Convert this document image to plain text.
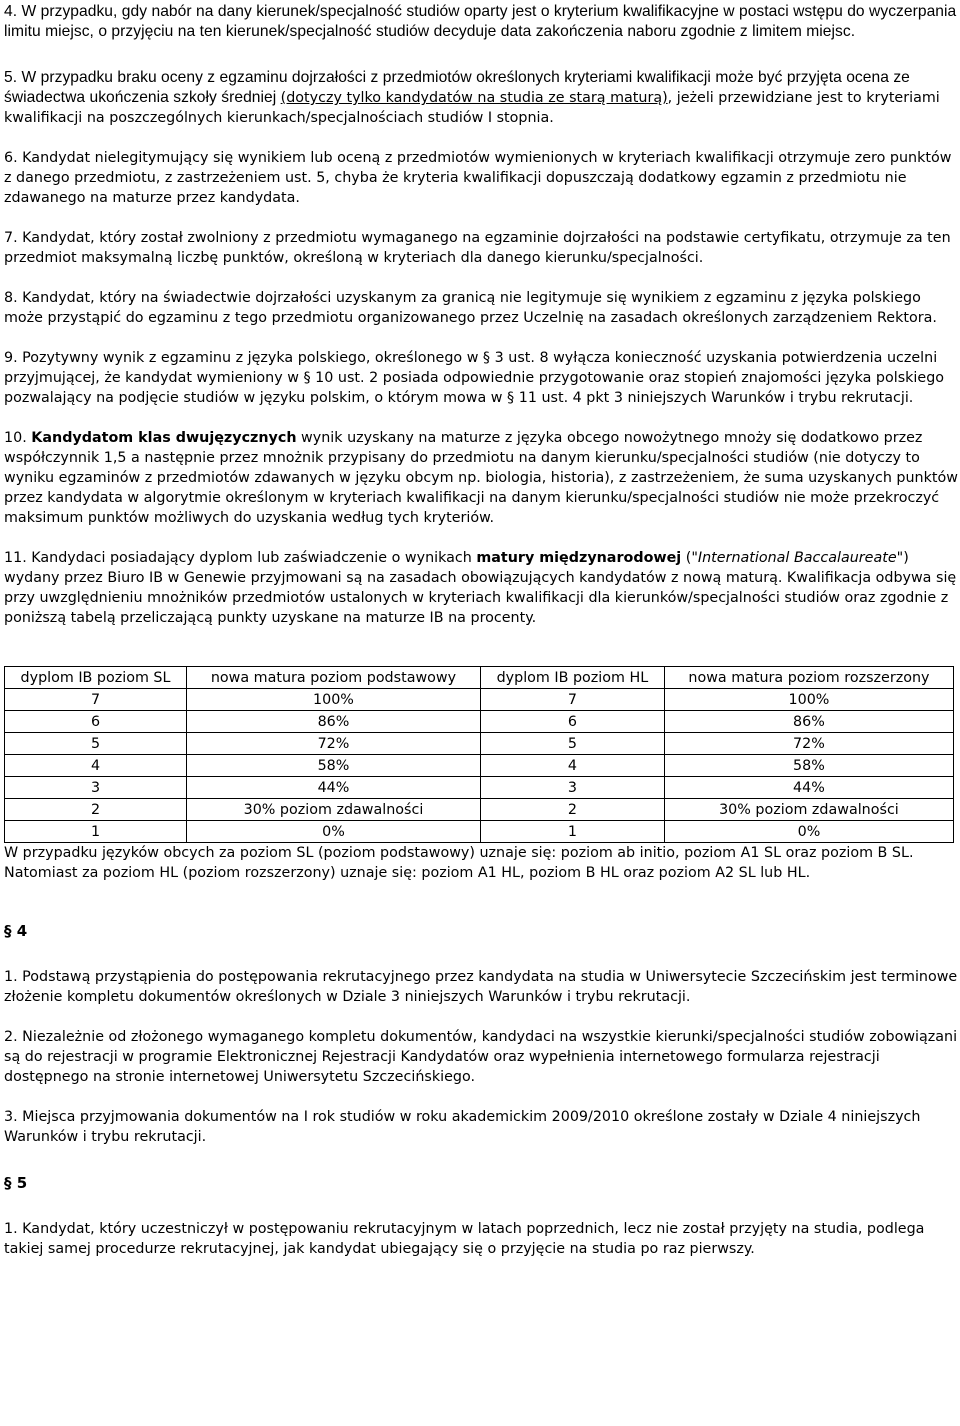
4. W przypadku, gdy nabór na dany kierunek/specjalność studiów oparty jest o kryterium kwalifikacyjne w postaci wstępu do wyczerpania limitu miejsc, o przyjęciu na ten kierunek/specjalność studiów decyduje data zakończenia naboru zgodnie z limitem miejsc.

5. W przypadku braku oceny z egzaminu dojrzałości z przedmiotów określonych kryteriami kwalifikacji może być przyjęta ocena ze świadectwa ukończenia szkoły średniej (dotyczy tylko kandydatów na studia ze starą maturą), jeżeli przewidziane jest to kryteriami kwalifikacji na poszczególnych kierunkach/specjalnościach studiów I stopnia.

6. Kandydat nielegitymujący się wynikiem lub oceną z przedmiotów wymienionych w kryteriach kwalifikacji otrzymuje zero punktów z danego przedmiotu, z zastrzeżeniem ust. 5, chyba że kryteria kwalifikacji dopuszczają dodatkowy egzamin z przedmiotu nie zdawanego na maturze przez kandydata.

7. Kandydat, który został zwolniony z przedmiotu wymaganego na egzaminie dojrzałości na podstawie certyfikatu, otrzymuje za ten przedmiot maksymalną liczbę punktów, określoną w kryteriach dla danego kierunku/specjalności.

8. Kandydat, który na świadectwie dojrzałości uzyskanym za granicą nie legitymuje się wynikiem z egzaminu z języka polskiego może przystąpić do egzaminu z tego przedmiotu organizowanego przez Uczelnię na zasadach określonych zarządzeniem Rektora.

9. Pozytywny wynik z egzaminu z języka polskiego, określonego w § 3 ust. 8 wyłącza konieczność uzyskania potwierdzenia uczelni przyjmującej, że kandydat wymieniony w § 10 ust. 2 posiada odpowiednie przygotowanie oraz stopień znajomości języka polskiego pozwalający na podjęcie studiów w języku polskim, o którym mowa w § 11 ust. 4 pkt 3 niniejszych Warunków i trybu rekrutacji.

10. Kandydatom klas dwujęzycznych wynik uzyskany na maturze z języka obcego nowożytnego mnoży się dodatkowo przez współczynnik 1,5 a następnie przez mnożnik przypisany do przedmiotu na danym kierunku/specjalności studiów (nie dotyczy to wyniku egzaminów z przedmiotów zdawanych w języku obcym np. biologia, historia), z zastrzeżeniem, że suma uzyskanych punktów przez kandydata w algorytmie określonym w kryteriach kwalifikacji na danym kierunku/specjalności studiów nie może przekroczyć maksimum punktów możliwych do uzyskania według tych kryteriów.

11. Kandydaci posiadający dyplom lub zaświadczenie o wynikach matury międzynarodowej ("International Baccalaureate") wydany przez Biuro IB w Genewie przyjmowani są na zasadach obowiązujących kandydatów z nową maturą. Kwalifikacja odbywa się przy uwzględnieniu mnożników przedmiotów ustalonych w kryteriach kwalifikacji dla kierunków/specjalności studiów oraz zgodnie z poniższą tabelą przeliczającą punkty uzyskane na maturze IB na procenty.

dyplom IB poziom SL	nowa matura poziom podstawowy	dyplom IB poziom HL	nowa matura poziom rozszerzony
7	100%	7	100%
6	86%	6	86%
5	72%	5	72%
4	58%	4	58%
3	44%	3	44%
2	30% poziom zdawalności	2	30% poziom zdawalności
1	0%	1	0%

W przypadku języków obcych za poziom SL (poziom podstawowy) uznaje się: poziom ab initio, poziom A1 SL oraz poziom B SL. Natomiast za poziom HL (poziom rozszerzony) uznaje się: poziom A1 HL, poziom B HL oraz poziom A2 SL lub HL.

§ 4

1. Podstawą przystąpienia do postępowania rekrutacyjnego przez kandydata na studia w Uniwersytecie Szczecińskim jest terminowe złożenie kompletu dokumentów określonych w Dziale 3 niniejszych Warunków i trybu rekrutacji.

2. Niezależnie od złożonego wymaganego kompletu dokumentów, kandydaci na wszystkie kierunki/specjalności studiów zobowiązani są do rejestracji w programie Elektronicznej Rejestracji Kandydatów oraz wypełnienia internetowego formularza rejestracji dostępnego na stronie internetowej Uniwersytetu Szczecińskiego.

3. Miejsca przyjmowania dokumentów na I rok studiów w roku akademickim 2009/2010 określone zostały w Dziale 4 niniejszych Warunków i trybu rekrutacji.

§ 5

1. Kandydat, który uczestniczył w postępowaniu rekrutacyjnym w latach poprzednich, lecz nie został przyjęty na studia, podlega takiej samej procedurze rekrutacyjnej, jak kandydat ubiegający się o przyjęcie na studia po raz pierwszy.
